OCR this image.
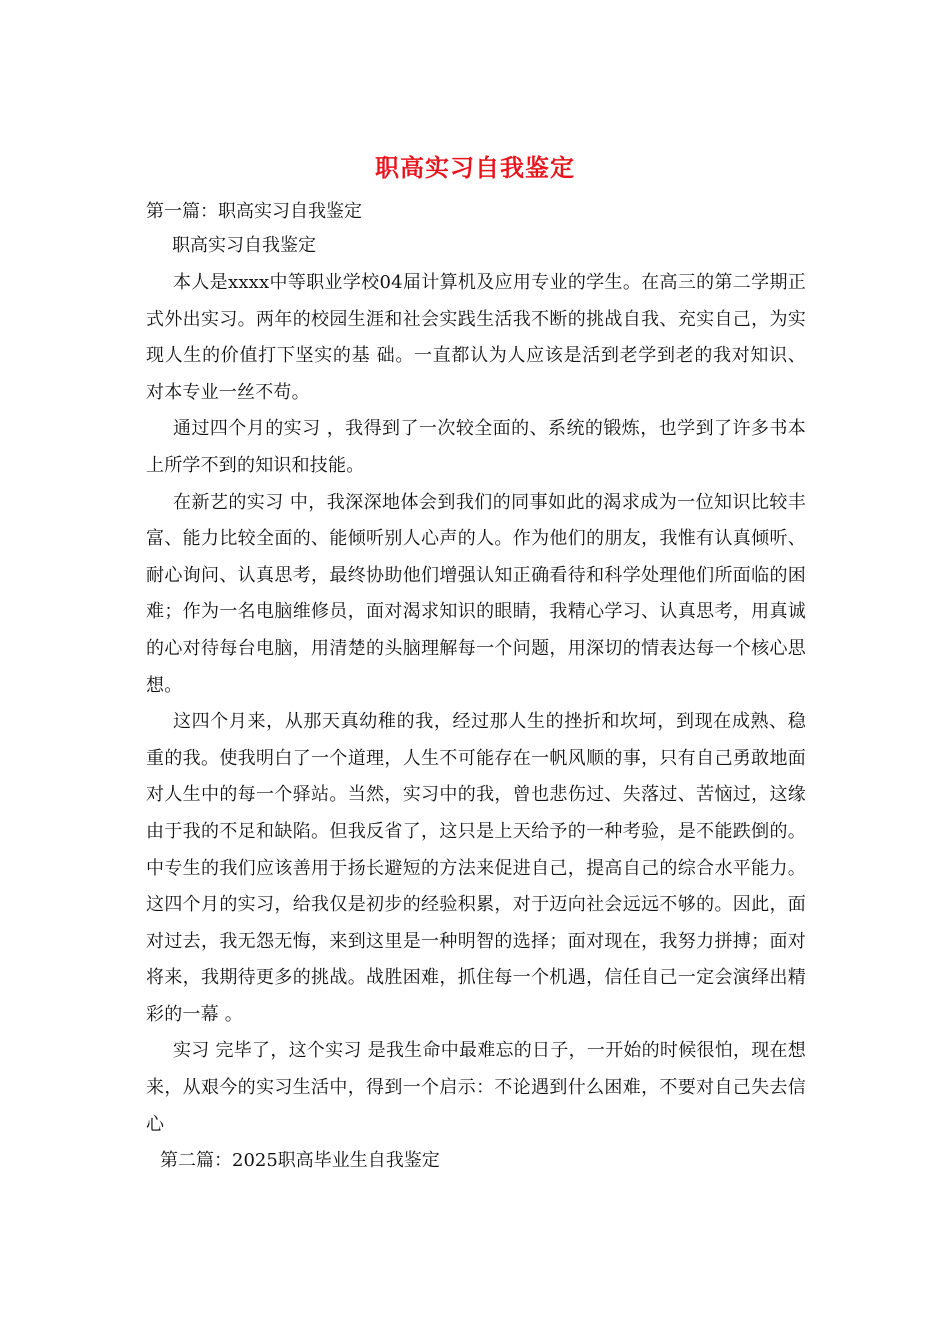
职高实习自我鉴定

第一篇：职高实习自我鉴定

职高实习自我鉴定

本人是xxxx中等职业学校04届计算机及应用专业的学生。在高三的第二学期正式外出实习。两年的校园生涯和社会实践生活我不断的挑战自我、充实自己，为实现人生的价值打下坚实的基 础。一直都认为人应该是活到老学到老的我对知识、对本专业一丝不苟。

通过四个月的实习 ，我得到了一次较全面的、系统的锻炼，也学到了许多书本上所学不到的知识和技能。

在新艺的实习 中，我深深地体会到我们的同事如此的渴求成为一位知识比较丰富、能力比较全面的、能倾听别人心声的人。作为他们的朋友，我惟有认真倾听、耐心询问、认真思考，最终协助他们增强认知正确看待和科学处理他们所面临的困难；作为一名电脑维修员，面对渴求知识的眼睛，我精心学习、认真思考，用真诚的心对待每台电脑，用清楚的头脑理解每一个问题，用深切的情表达每一个核心思想。

这四个月来，从那天真幼稚的我，经过那人生的挫折和坎坷，到现在成熟、稳重的我。使我明白了一个道理，人生不可能存在一帆风顺的事，只有自己勇敢地面对人生中的每一个驿站。当然，实习中的我，曾也悲伤过、失落过、苦恼过，这缘由于我的不足和缺陷。但我反省了，这只是上天给予的一种考验，是不能跌倒的。中专生的我们应该善用于扬长避短的方法来促进自己，提高自己的综合水平能力。这四个月的实习，给我仅是初步的经验积累，对于迈向社会远远不够的。因此，面对过去，我无怨无悔，来到这里是一种明智的选择；面对现在，我努力拼搏；面对将来，我期待更多的挑战。战胜困难，抓住每一个机遇，信任自己一定会演绎出精彩的一幕 。

实习 完毕了，这个实习 是我生命中最难忘的日子，一开始的时候很怕，现在想来，从艰今的实习生活中，得到一个启示：不论遇到什么困难，不要对自己失去信心

第二篇：2025职高毕业生自我鉴定
